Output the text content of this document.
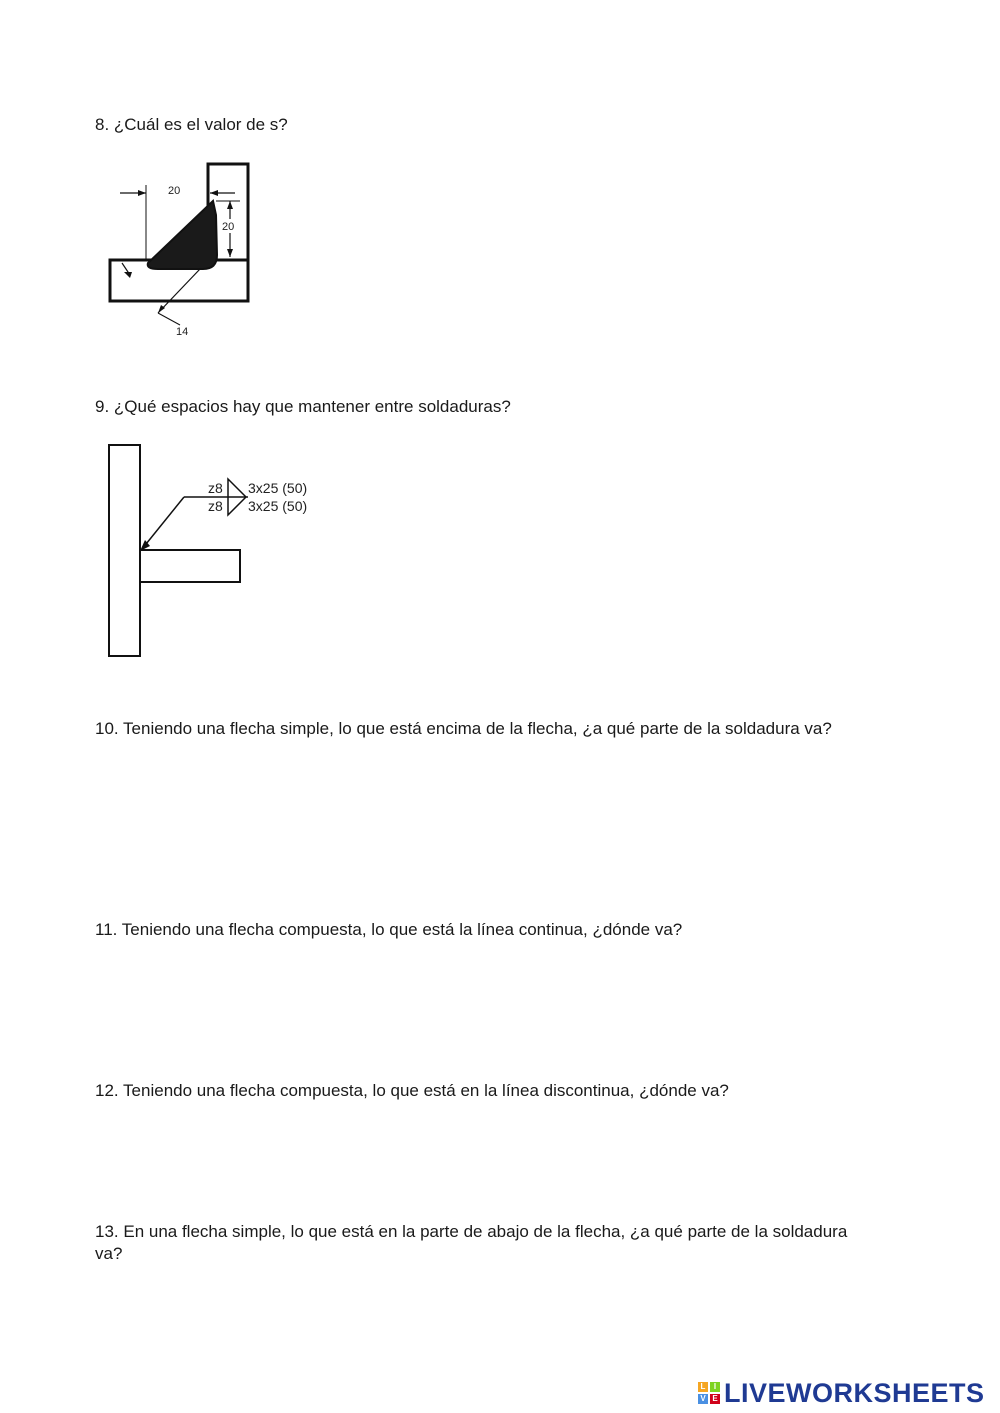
8. ¿Cuál es el valor de s?

20
20
14

9. ¿Qué espacios hay que mantener entre soldaduras?

z8 3x25 (50)
z8 3x25 (50)

10. Teniendo una flecha simple, lo que está encima de la flecha, ¿a qué parte de la soldadura va?

11. Teniendo una flecha compuesta, lo que está la línea continua, ¿dónde va?

12. Teniendo una flecha compuesta, lo que está en la línea discontinua, ¿dónde va?

13. En una flecha simple, lo que está en la parte de abajo de la flecha, ¿a qué parte de la soldadura va?

L	I
V E LIVEWORKSHEETS
